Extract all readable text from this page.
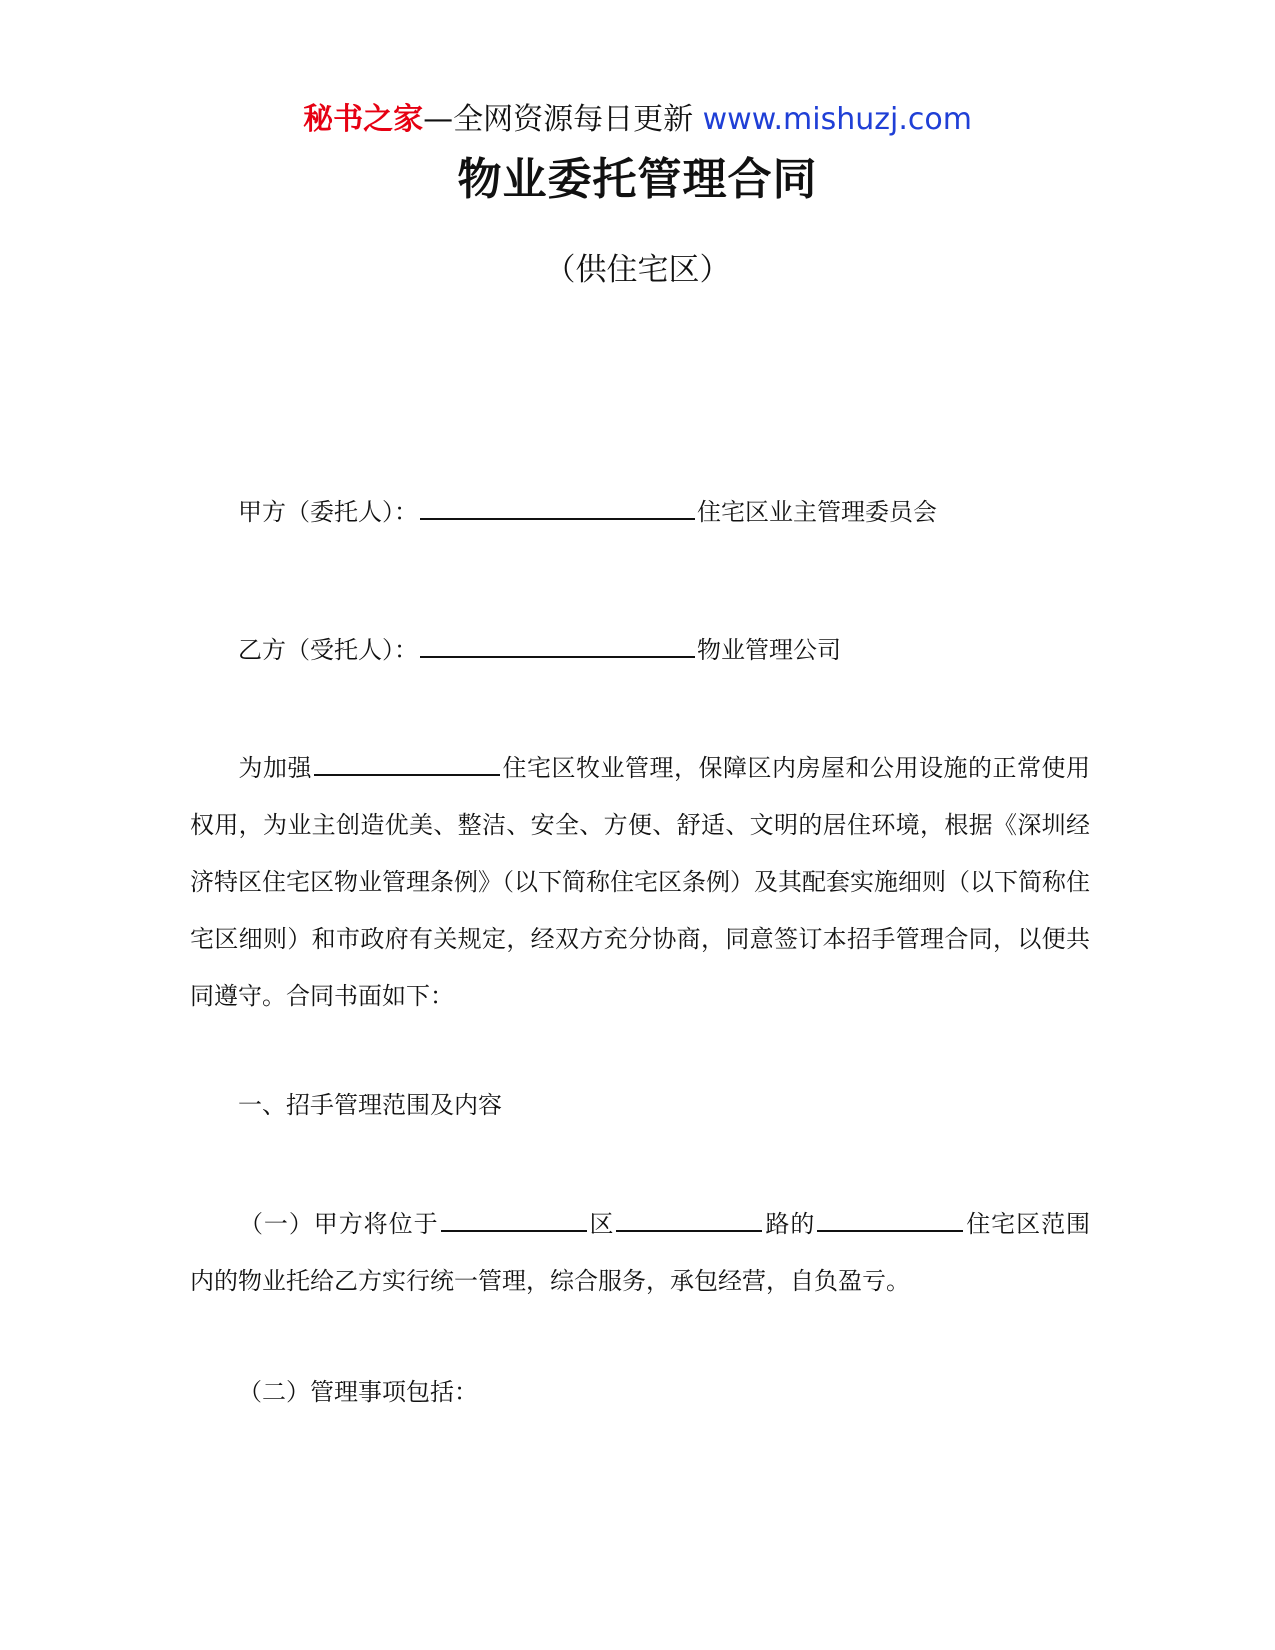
秘书之家—全网资源每日更新 www.mishuzj.com
物业委托管理合同
（供住宅区）
甲方（委托人）：	住宅区业主管理委员会
乙方（受托人）：	物业管理公司
为加强	住宅区牧业管理，保障区内房屋和公用设施的正常使用权用，为业主创造优美、整洁、安全、方便、舒适、文明的居住环境，根据《深圳经济特区住宅区物业管理条例》（以下简称住宅区条例）及其配套实施细则（以下简称住宅区细则）和市政府有关规定，经双方充分协商，同意签订本招手管理合同，以便共同遵守。合同书面如下：
一、招手管理范围及内容
（一）甲方将位于	区	路的	住宅区范围内的物业托给乙方实行统一管理，综合服务，承包经营，自负盈亏。
（二）管理事项包括：
